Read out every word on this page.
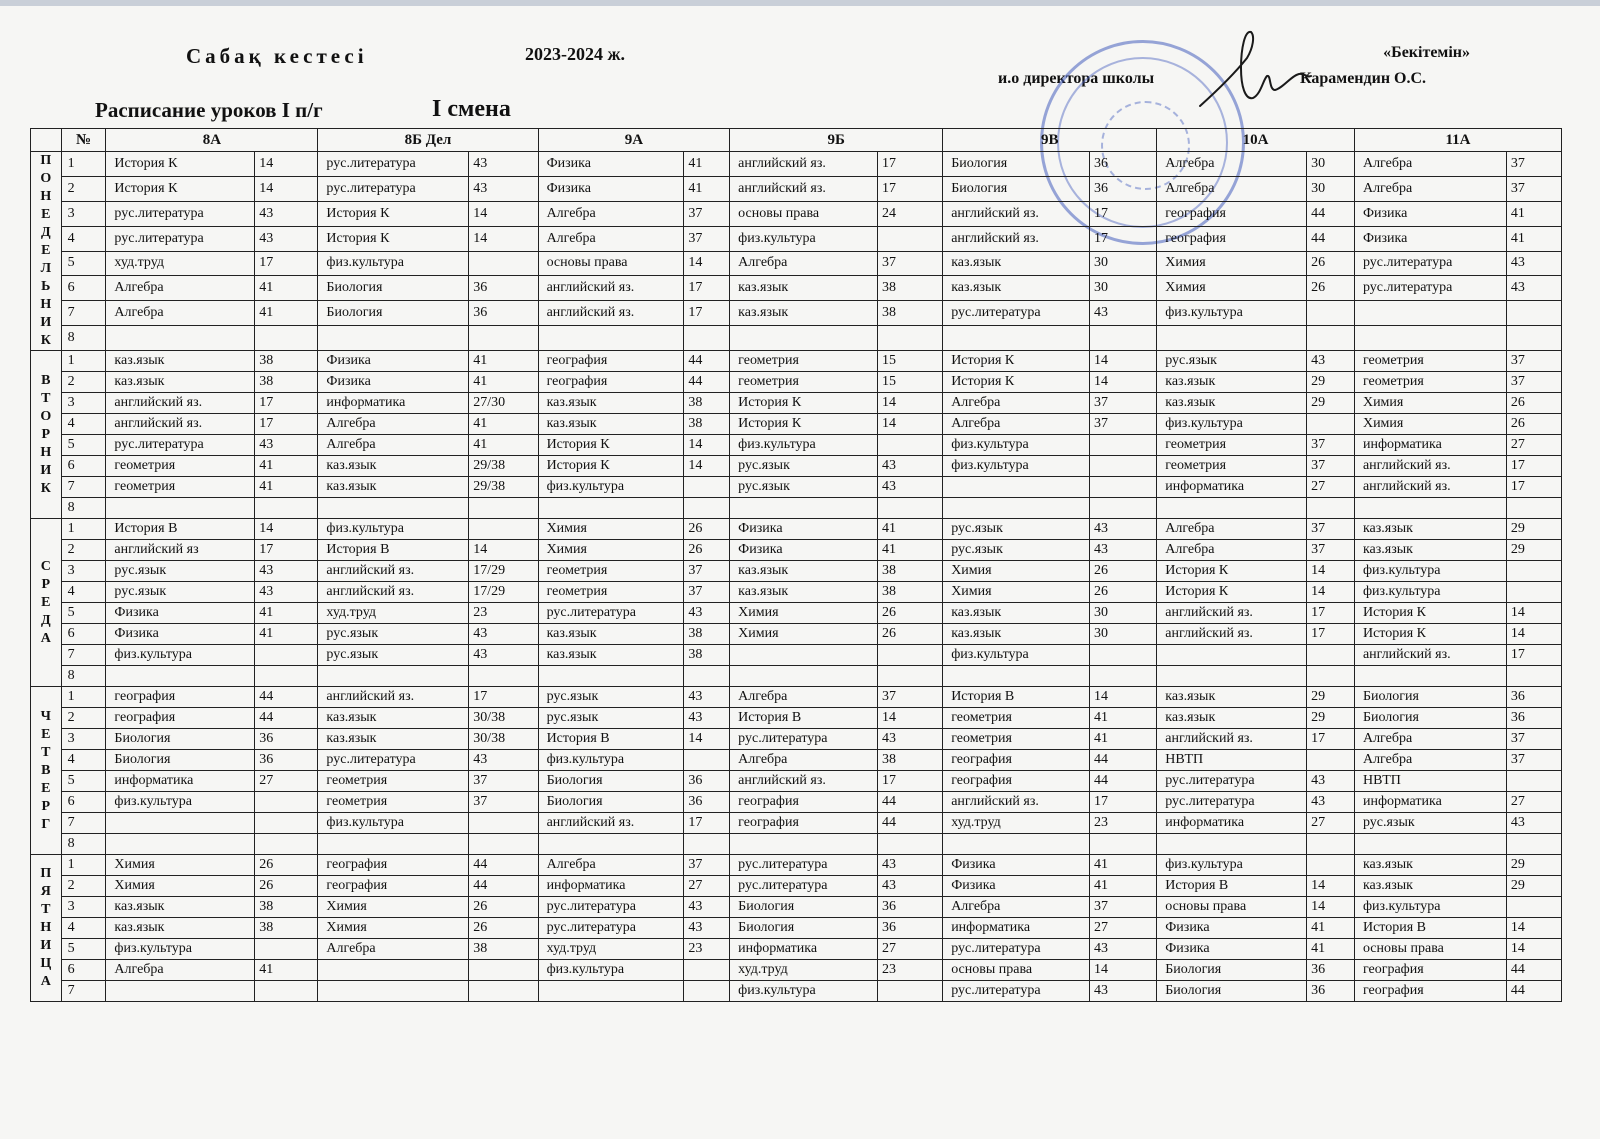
Сабақ кестесі	2023-2024 ж.	«Бекітемін»
и.о директора школы	Карамендин О.С.
Расписание уроков І п/г	I смена
	№	8А		8Б Дел		9А		9Б		9В		10А		11А	

ПОНЕДЕЛЬНИК	1	История К	14	рус.литература	43	Физика	41	английский яз.	17	Биология	36	Алгебра	30	Алгебра	37
	2	История К	14	рус.литература	43	Физика	41	английский яз.	17	Биология	36	Алгебра	30	Алгебра	37
	3	рус.литература	43	История К	14	Алгебра	37	основы права	24	английский яз.	17	география	44	Физика	41
	4	рус.литература	43	История К	14	Алгебра	37	физ.культура		английский яз.	17	география	44	Физика	41
	5	худ.труд	17	физ.культура		основы права	14	Алгебра	37	каз.язык	30	Химия	26	рус.литература	43
	6	Алгебра	41	Биология	36	английский яз.	17	каз.язык	38	каз.язык	30	Химия	26	рус.литература	43
	7	Алгебра	41	Биология	36	английский яз.	17	каз.язык	38	рус.литература	43	физ.культура			
	8														

ВТОРНИК	1	каз.язык	38	Физика	41	география	44	геометрия	15	История К	14	рус.язык	43	геометрия	37
	2	каз.язык	38	Физика	41	география	44	геометрия	15	История К	14	каз.язык	29	геометрия	37
	3	английский яз.	17	информатика	27/30	каз.язык	38	История К	14	Алгебра	37	каз.язык	29	Химия	26
	4	английский яз.	17	Алгебра	41	каз.язык	38	История К	14	Алгебра	37	физ.культура		Химия	26
	5	рус.литература	43	Алгебра	41	История К	14	физ.культура		физ.культура		геометрия	37	информатика	27
	6	геометрия	41	каз.язык	29/38	История К	14	рус.язык	43	физ.культура		геометрия	37	английский яз.	17
	7	геометрия	41	каз.язык	29/38	физ.культура		рус.язык	43			информатика	27	английский яз.	17
	8														

СРЕДА	1	История В	14	физ.культура		Химия	26	Физика	41	рус.язык	43	Алгебра	37	каз.язык	29
	2	английский яз	17	История В	14	Химия	26	Физика	41	рус.язык	43	Алгебра	37	каз.язык	29
	3	рус.язык	43	английский яз.	17/29	геометрия	37	каз.язык	38	Химия	26	История К	14	физ.культура	
	4	рус.язык	43	английский яз.	17/29	геометрия	37	каз.язык	38	Химия	26	История К	14	физ.культура	
	5	Физика	41	худ.труд	23	рус.литература	43	Химия	26	каз.язык	30	английский яз.	17	История К	14
	6	Физика	41	рус.язык	43	каз.язык	38	Химия	26	каз.язык	30	английский яз.	17	История К	14
	7	физ.культура		рус.язык	43	каз.язык	38			физ.культура				английский яз.	17
	8														

ЧЕТВЕРГ	1	география	44	английский яз.	17	рус.язык	43	Алгебра	37	История В	14	каз.язык	29	Биология	36
	2	география	44	каз.язык	30/38	рус.язык	43	История В	14	геометрия	41	каз.язык	29	Биология	36
	3	Биология	36	каз.язык	30/38	История В	14	рус.литература	43	геометрия	41	английский яз.	17	Алгебра	37
	4	Биология	36	рус.литература	43	физ.культура		Алгебра	38	география	44	НВТП		Алгебра	37
	5	информатика	27	геометрия	37	Биология	36	английский яз.	17	география	44	рус.литература	43	НВТП	
	6	физ.культура		геометрия	37	Биология	36	география	44	английский яз.	17	рус.литература	43	информатика	27
	7			физ.культура		английский яз.	17	география	44	худ.труд	23	информатика	27	рус.язык	43
	8														

ПЯТНИЦА	1	Химия	26	география	44	Алгебра	37	рус.литература	43	Физика	41	физ.культура		каз.язык	29
	2	Химия	26	география	44	информатика	27	рус.литература	43	Физика	41	История В	14	каз.язык	29
	3	каз.язык	38	Химия	26	рус.литература	43	Биология	36	Алгебра	37	основы права	14	физ.культура	
	4	каз.язык	38	Химия	26	рус.литература	43	Биология	36	информатика	27	Физика	41	История В	14
	5	физ.культура		Алгебра	38	худ.труд	23	информатика	27	рус.литература	43	Физика	41	основы права	14
	6	Алгебра	41			физ.культура		худ.труд	23	основы права	14	Биология	36	география	44
	7							физ.культура		рус.литература	43	Биология	36	география	44
